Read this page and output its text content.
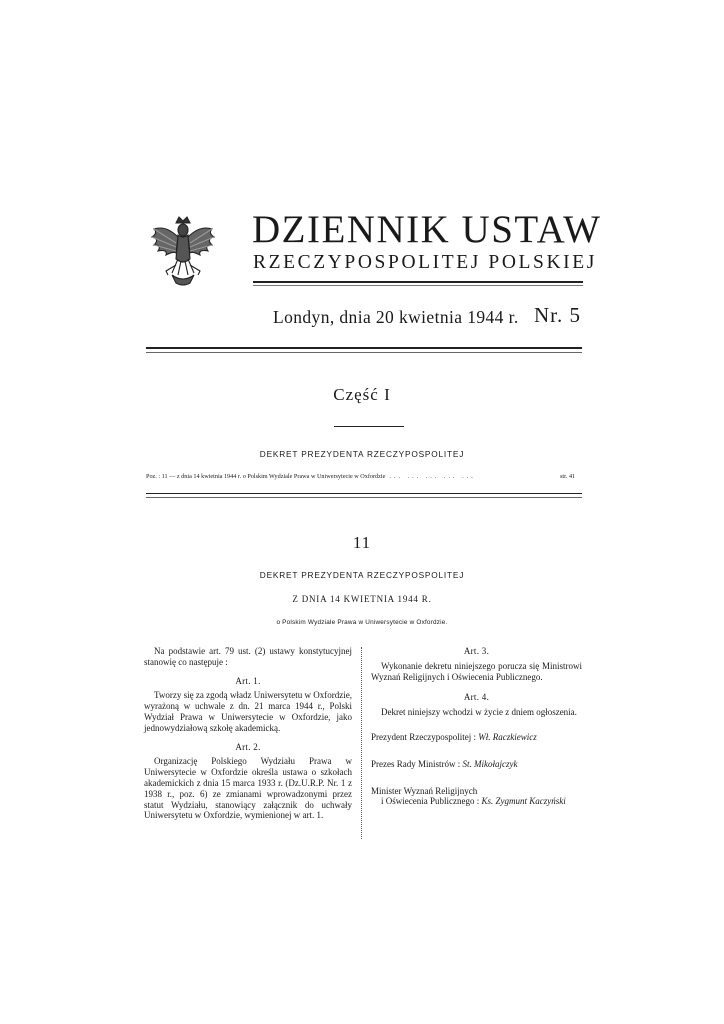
DZIENNIK USTAW
RZECZYPOSPOLITEJ POLSKIEJ
Londyn, dnia 20 kwietnia 1944 r. Nr. 5
Część I
DEKRET PREZYDENTA RZECZYPOSPOLITEJ
Poz. : 11 — z dnia 14 kwietnia 1944 r. o Polskim Wydziale Prawa w Uniwersytecie w Oxfordzie ... ... ... ... ...	str. 41
11
DEKRET PREZYDENTA RZECZYPOSPOLITEJ
Z DNIA 14 KWIETNIA 1944 R.
o Polskim Wydziale Prawa w Uniwersytecie w Oxfordzie.

Na podstawie art. 79 ust. (2) ustawy konstytucyjnej stanowię co następuje :

Art. 1.

Tworzy się za zgodą władz Uniwersytetu w Oxfordzie, wyrażoną w uchwale z dn. 21 marca 1944 r., Polski Wydział Prawa w Uniwersytecie w Oxfordzie, jako jednowydziałową szkołę akademicką.

Art. 2.

Organizację Polskiego Wydziału Prawa w Uniwersytecie w Oxfordzie określa ustawa o szkołach akademickich z dnia 15 marca 1933 r. (Dz.U.R.P. Nr. 1 z 1938 r., poz. 6) ze zmianami wprowadzonymi przez statut Wydziału, stanowiący załącznik do uchwały Uniwersytetu w Oxfordzie, wymienionej w art. 1.

Art. 3.

Wykonanie dekretu niniejszego porucza się Ministrowi Wyznań Religijnych i Oświecenia Publicznego.

Art. 4.

Dekret niniejszy wchodzi w życie z dniem ogłoszenia.

Prezydent Rzeczypospolitej : Wł. Raczkiewicz

Prezes Rady Ministrów : St. Mikołajczyk

Minister Wyznań Religijnych

i Oświecenia Publicznego : Ks. Zygmunt Kaczyński
